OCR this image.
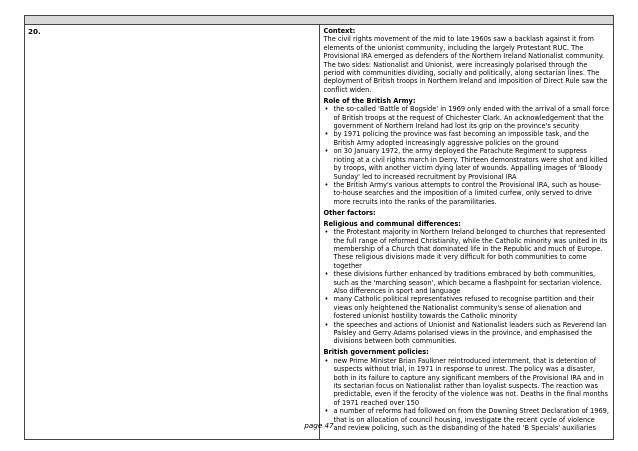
20.	Context:
The civil rights movement of the mid to late 1960s saw a backlash against it from elements of the unionist community, including the largely Protestant RUC. The Provisional IRA emerged as defenders of the Northern Ireland Nationalist community. The two sides: Nationalist and Unionist, were increasingly polarised through the period with communities dividing, socially and politically, along sectarian lines. The deployment of British troops in Northern Ireland and imposition of Direct Rule saw the conflict widen.
Role of the British Army:
• the so-called 'Battle of Bogside' in 1969 only ended with the arrival of a small force of British troops at the request of Chichester Clark. An acknowledgement that the government of Northern Ireland had lost its grip on the province's security
• by 1971 policing the province was fast becoming an impossible task, and the British Army adopted increasingly aggressive policies on the ground
• on 30 January 1972, the army deployed the Parachute Regiment to suppress rioting at a civil rights march in Derry. Thirteen demonstrators were shot and killed by troops, with another victim dying later of wounds. Appalling images of 'Bloody Sunday' led to increased recruitment by Provisional IRA
• the British Army's various attempts to control the Provisional IRA, such as house-to-house searches and the imposition of a limited curfew, only served to drive more recruits into the ranks of the paramilitaries.
Other factors:
Religious and communal differences:
• the Protestant majority in Northern Ireland belonged to churches that represented the full range of reformed Christianity, while the Catholic minority was united in its membership of a Church that dominated life in the Republic and much of Europe. These religious divisions made it very difficult for both communities to come together
• these divisions further enhanced by traditions embraced by both communities, such as the 'marching season', which became a flashpoint for sectarian violence. Also differences in sport and language
• many Catholic political representatives refused to recognise partition and their views only heightened the Nationalist community's sense of alienation and fostered unionist hostility towards the Catholic minority
• the speeches and actions of Unionist and Nationalist leaders such as Reverend Ian Paisley and Gerry Adams polarised views in the province, and emphasised the divisions between both communities.
British government policies:
• new Prime Minister Brian Faulkner reintroduced internment, that is detention of suspects without trial, in 1971 in response to unrest. The policy was a disaster, both in its failure to capture any significant members of the Provisional IRA and in its sectarian focus on Nationalist rather than loyalist suspects. The reaction was predictable, even if the ferocity of the violence was not. Deaths in the final months of 1971 reached over 150
• a number of reforms had followed on from the Downing Street Declaration of 1969, that is on allocation of council housing, investigate the recent cycle of violence and review policing, such as the disbanding of the hated 'B Specials' auxiliaries
page 47
